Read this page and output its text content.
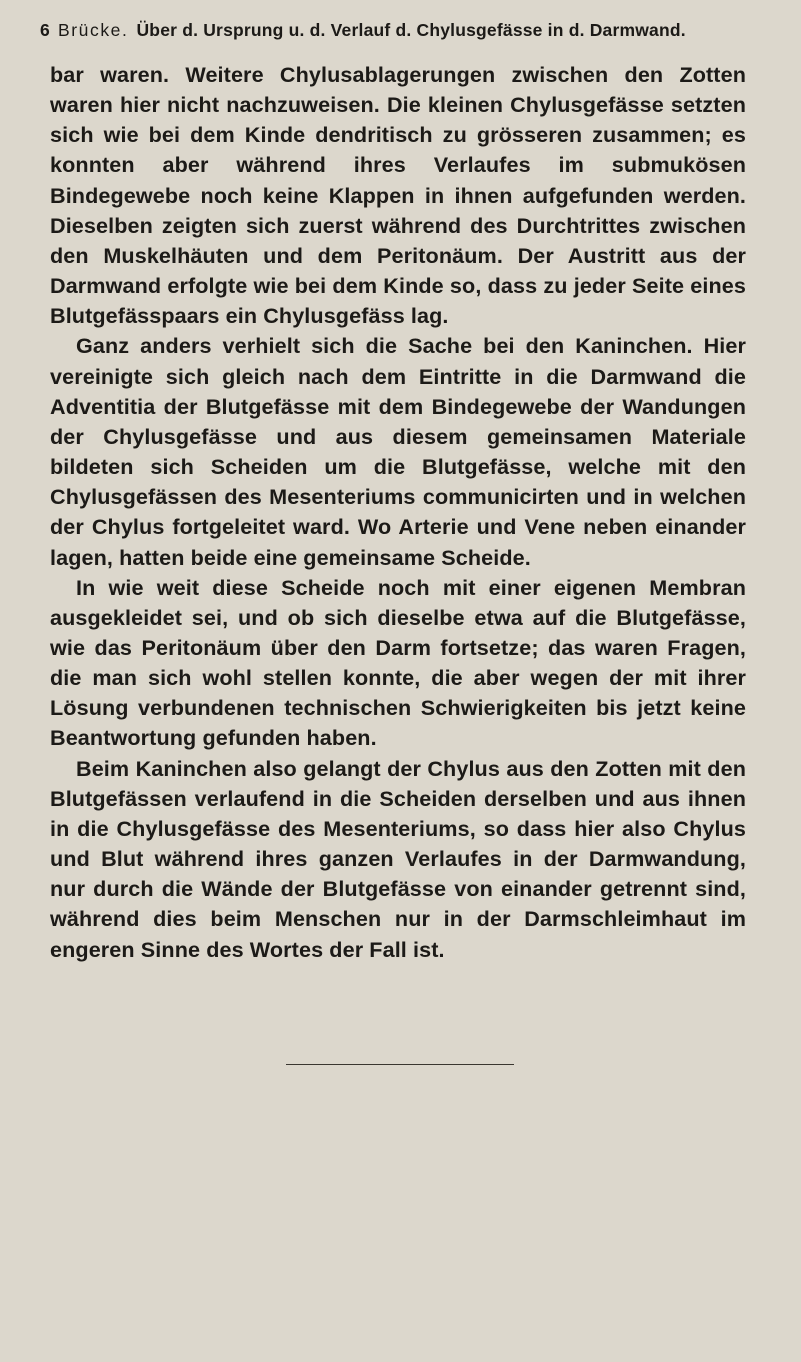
6 Brücke. Über d. Ursprung u. d. Verlauf d. Chylusgefässe in d. Darmwand.

bar waren. Weitere Chylusablagerungen zwischen den Zotten waren hier nicht nachzuweisen. Die kleinen Chylusgefässe setzten sich wie bei dem Kinde dendritisch zu grösseren zusammen; es konnten aber während ihres Verlaufes im submukösen Bindegewebe noch keine Klappen in ihnen aufgefunden werden. Dieselben zeigten sich zuerst während des Durchtrittes zwischen den Muskelhäuten und dem Peritonäum. Der Austritt aus der Darmwand erfolgte wie bei dem Kinde so, dass zu jeder Seite eines Blutgefässpaars ein Chylusgefäss lag.

Ganz anders verhielt sich die Sache bei den Kaninchen. Hier vereinigte sich gleich nach dem Eintritte in die Darmwand die Adventitia der Blutgefässe mit dem Bindegewebe der Wandungen der Chylusgefässe und aus diesem gemeinsamen Materiale bildeten sich Scheiden um die Blutgefässe, welche mit den Chylusgefässen des Mesenteriums communicirten und in welchen der Chylus fortgeleitet ward. Wo Arterie und Vene neben einander lagen, hatten beide eine gemeinsame Scheide.

In wie weit diese Scheide noch mit einer eigenen Membran ausgekleidet sei, und ob sich dieselbe etwa auf die Blutgefässe, wie das Peritonäum über den Darm fortsetze; das waren Fragen, die man sich wohl stellen konnte, die aber wegen der mit ihrer Lösung verbundenen technischen Schwierigkeiten bis jetzt keine Beantwortung gefunden haben.

Beim Kaninchen also gelangt der Chylus aus den Zotten mit den Blutgefässen verlaufend in die Scheiden derselben und aus ihnen in die Chylusgefässe des Mesenteriums, so dass hier also Chylus und Blut während ihres ganzen Verlaufes in der Darmwandung, nur durch die Wände der Blutgefässe von einander getrennt sind, während dies beim Menschen nur in der Darmschleimhaut im engeren Sinne des Wortes der Fall ist.
